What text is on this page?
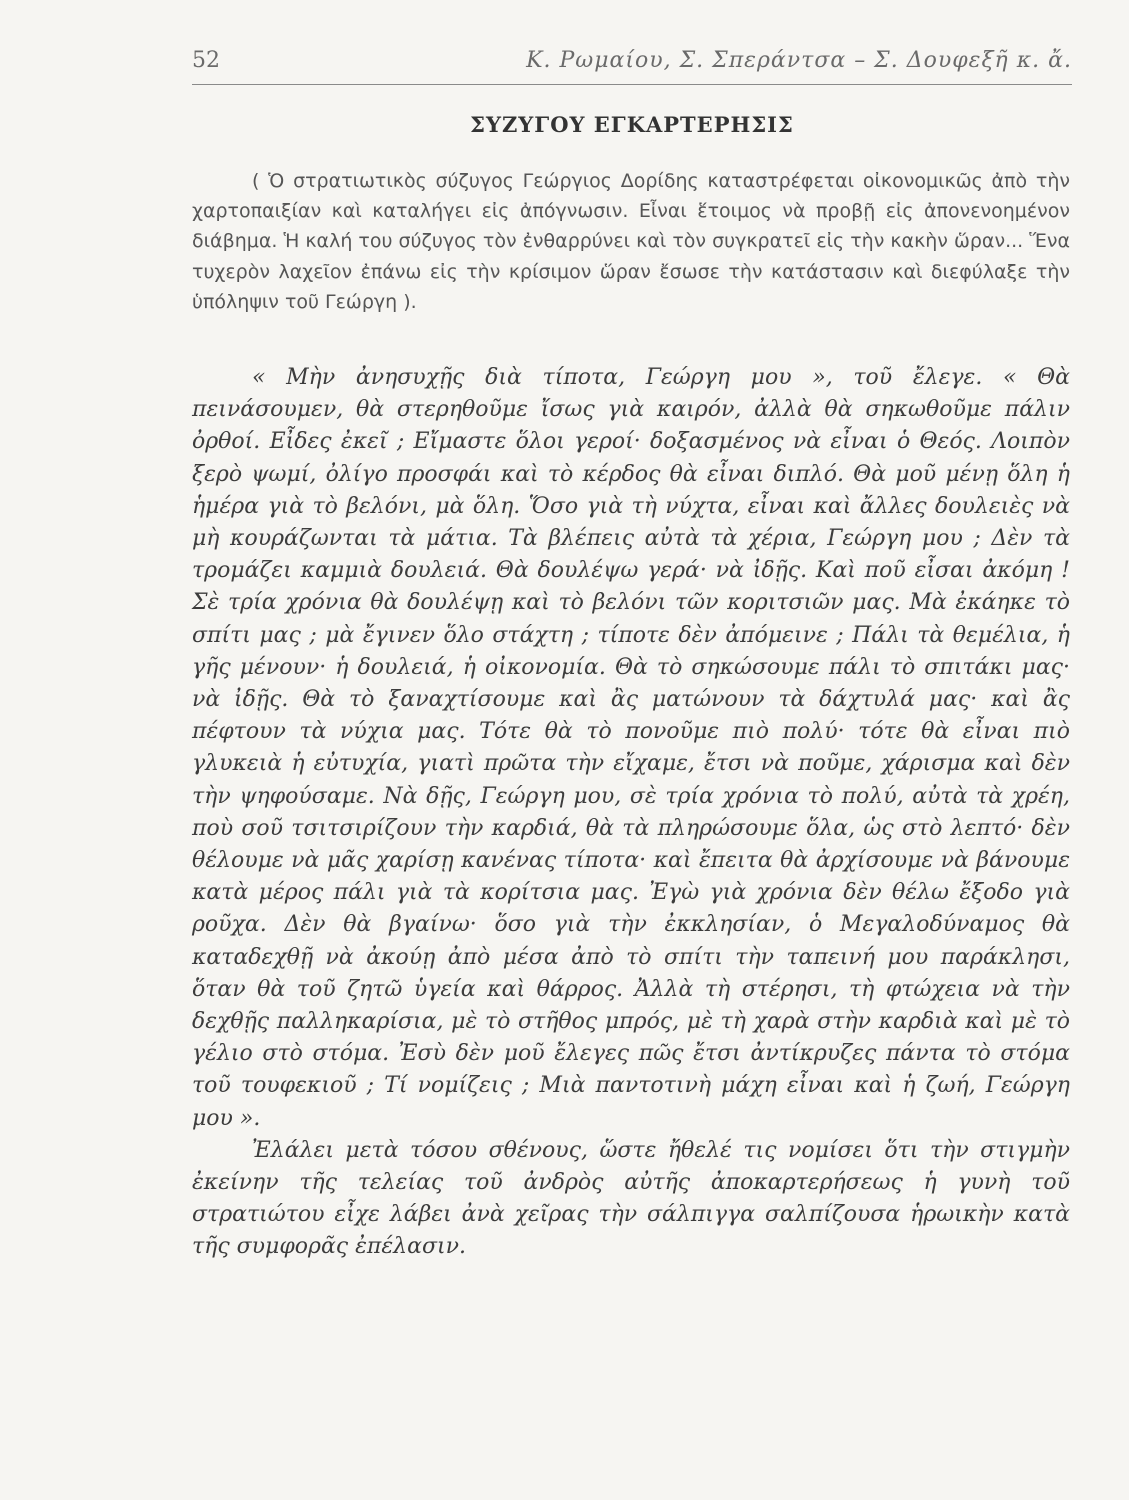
52	Κ. Ρωμαίου, Σ. Σπεράντσα – Σ. Δουφεξῆ κ. ἄ.
ΣΥΖΥΓΟΥ ΕΓΚΑΡΤΕΡΗΣΙΣ
( Ὁ στρατιωτικὸς σύζυγος Γεώργιος Δορίδης καταστρέφεται οἰκονομικῶς ἀπὸ τὴν χαρτοπαιξίαν καὶ καταλήγει εἰς ἀπόγνωσιν. Εἶναι ἕτοιμος νὰ προβῇ εἰς ἀπονενοημένον διάβημα. Ἡ καλή του σύζυγος τὸν ἐνθαρρύνει καὶ τὸν συγκρατεῖ εἰς τὴν κακὴν ὥραν... Ἕνα τυχερὸν λαχεῖον ἐπάνω εἰς τὴν κρίσιμον ὥραν ἔσωσε τὴν κατάστασιν καὶ διεφύλαξε τὴν ὑπόληψιν τοῦ Γεώργη ).

« Μὴν ἀνησυχῇς διὰ τίποτα, Γεώργη μου », τοῦ ἔλεγε. « Θὰ πεινάσουμεν, θὰ στερηθοῦμε ἴσως γιὰ καιρόν, ἀλλὰ θὰ σηκωθοῦμε πάλιν ὀρθοί. Εἶδες ἐκεῖ ; Εἴμαστε ὅλοι γεροί· δοξασμένος νὰ εἶναι ὁ Θεός. Λοιπὸν ξερὸ ψωμί, ὀλίγο προσφάι καὶ τὸ κέρδος θὰ εἶναι διπλό. Θὰ μοῦ μένῃ ὅλη ἡ ἡμέρα γιὰ τὸ βελόνι, μὰ ὅλη. Ὅσο γιὰ τὴ νύχτα, εἶναι καὶ ἄλλες δουλειὲς νὰ μὴ κουράζωνται τὰ μάτια. Τὰ βλέπεις αὐτὰ τὰ χέρια, Γεώργη μου ; Δὲν τὰ τρομάζει καμμιὰ δουλειά. Θὰ δουλέψω γερά· νὰ ἰδῇς. Καὶ ποῦ εἶσαι ἀκόμη ! Σὲ τρία χρόνια θὰ δουλέψῃ καὶ τὸ βελόνι τῶν κοριτσιῶν μας. Μὰ ἐκάηκε τὸ σπίτι μας ; μὰ ἔγινεν ὅλο στάχτη ; τίποτε δὲν ἀπόμεινε ; Πάλι τὰ θεμέλια, ἡ γῆς μένουν· ἡ δουλειά, ἡ οἰκονομία. Θὰ τὸ σηκώσουμε πάλι τὸ σπιτάκι μας· νὰ ἰδῇς. Θὰ τὸ ξαναχτίσουμε καὶ ἂς ματώνουν τὰ δάχτυλά μας· καὶ ἂς πέφτουν τὰ νύχια μας. Τότε θὰ τὸ πονοῦμε πιὸ πολύ· τότε θὰ εἶναι πιὸ γλυκειὰ ἡ εὐτυχία, γιατὶ πρῶτα τὴν εἴχαμε, ἔτσι νὰ ποῦμε, χάρισμα καὶ δὲν τὴν ψηφούσαμε. Νὰ δῇς, Γεώργη μου, σὲ τρία χρόνια τὸ πολύ, αὐτὰ τὰ χρέη, ποὺ σοῦ τσιτσιρίζουν τὴν καρδιά, θὰ τὰ πληρώσουμε ὅλα, ὡς στὸ λεπτό· δὲν θέλουμε νὰ μᾶς χαρίσῃ κανένας τίποτα· καὶ ἔπειτα θὰ ἀρχίσουμε νὰ βάνουμε κατὰ μέρος πάλι γιὰ τὰ κορίτσια μας. Ἐγὼ γιὰ χρόνια δὲν θέλω ἔξοδο γιὰ ροῦχα. Δὲν θὰ βγαίνω· ὅσο γιὰ τὴν ἐκκλησίαν, ὁ Μεγαλοδύναμος θὰ καταδεχθῇ νὰ ἀκούῃ ἀπὸ μέσα ἀπὸ τὸ σπίτι τὴν ταπεινή μου παράκλησι, ὅταν θὰ τοῦ ζητῶ ὑγεία καὶ θάρρος. Ἀλλὰ τὴ στέρησι, τὴ φτώχεια νὰ τὴν δεχθῇς παλληκαρίσια, μὲ τὸ στῆθος μπρός, μὲ τὴ χαρὰ στὴν καρδιὰ καὶ μὲ τὸ γέλιο στὸ στόμα. Ἐσὺ δὲν μοῦ ἔλεγες πῶς ἔτσι ἀντίκρυζες πάντα τὸ στόμα τοῦ τουφεκιοῦ ; Τί νομίζεις ; Μιὰ παντοτινὴ μάχη εἶναι καὶ ἡ ζωή, Γεώργη μου ».

Ἐλάλει μετὰ τόσου σθένους, ὥστε ἤθελέ τις νομίσει ὅτι τὴν στιγμὴν ἐκείνην τῆς τελείας τοῦ ἀνδρὸς αὐτῆς ἀποκαρτερήσεως ἡ γυνὴ τοῦ στρατιώτου εἶχε λάβει ἀνὰ χεῖρας τὴν σάλπιγγα σαλπίζουσα ἡρωικὴν κατὰ τῆς συμφορᾶς ἐπέλασιν.
